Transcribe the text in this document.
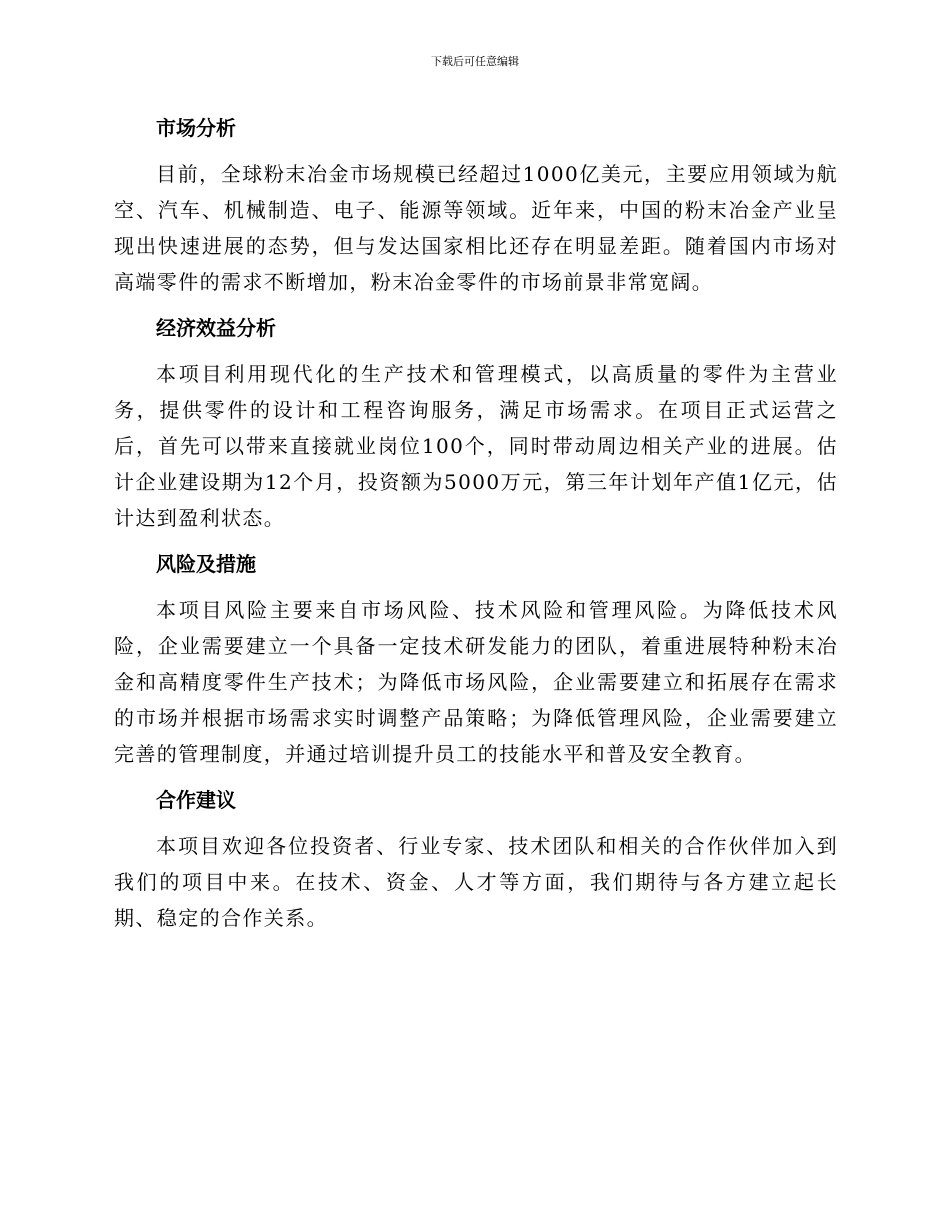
下载后可任意编辑
市场分析

目前，全球粉末冶金市场规模已经超过1000亿美元，主要应用领域为航空、汽车、机械制造、电子、能源等领域。近年来，中国的粉末冶金产业呈现出快速进展的态势，但与发达国家相比还存在明显差距。随着国内市场对高端零件的需求不断增加，粉末冶金零件的市场前景非常宽阔。

经济效益分析

本项目利用现代化的生产技术和管理模式，以高质量的零件为主营业务，提供零件的设计和工程咨询服务，满足市场需求。在项目正式运营之后，首先可以带来直接就业岗位100个，同时带动周边相关产业的进展。估计企业建设期为12个月，投资额为5000万元，第三年计划年产值1亿元，估计达到盈利状态。

风险及措施

本项目风险主要来自市场风险、技术风险和管理风险。为降低技术风险，企业需要建立一个具备一定技术研发能力的团队，着重进展特种粉末冶金和高精度零件生产技术；为降低市场风险，企业需要建立和拓展存在需求的市场并根据市场需求实时调整产品策略；为降低管理风险，企业需要建立完善的管理制度，并通过培训提升员工的技能水平和普及安全教育。

合作建议

本项目欢迎各位投资者、行业专家、技术团队和相关的合作伙伴加入到我们的项目中来。在技术、资金、人才等方面，我们期待与各方建立起长期、稳定的合作关系。
